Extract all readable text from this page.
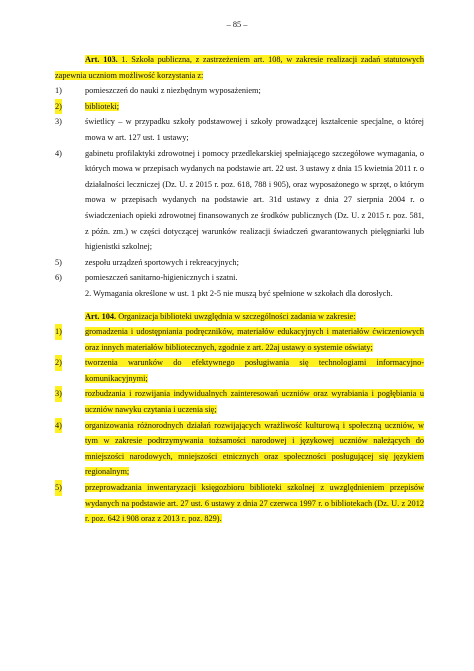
– 85 –

Art. 103. 1. Szkoła publiczna, z zastrzeżeniem art. 108, w zakresie realizacji zadań statutowych zapewnia uczniom możliwość korzystania z:

1)	pomieszczeń do nauki z niezbędnym wyposażeniem;
2)	biblioteki;
3)	świetlicy – w przypadku szkoły podstawowej i szkoły prowadzącej kształcenie specjalne, o której mowa w art. 127 ust. 1 ustawy;
4)	gabinetu profilaktyki zdrowotnej i pomocy przedlekarskiej spełniającego szczegółowe wymagania, o których mowa w przepisach wydanych na podstawie art. 22 ust. 3 ustawy z dnia 15 kwietnia 2011 r. o działalności leczniczej (Dz. U. z 2015 r. poz. 618, 788 i 905), oraz wyposażonego w sprzęt, o którym mowa w przepisach wydanych na podstawie art. 31d ustawy z dnia 27 sierpnia 2004 r. o świadczeniach opieki zdrowotnej finansowanych ze środków publicznych (Dz. U. z 2015 r. poz. 581, z późn. zm.) w części dotyczącej warunków realizacji świadczeń gwarantowanych pielęgniarki lub higienistki szkolnej;
5)	zespołu urządzeń sportowych i rekreacyjnych;
6)	pomieszczeń sanitarno-higienicznych i szatni.

2. Wymagania określone w ust. 1 pkt 2-5 nie muszą być spełnione w szkołach dla dorosłych.

Art. 104. Organizacja biblioteki uwzględnia w szczególności zadania w zakresie:

1)	gromadzenia i udostępniania podręczników, materiałów edukacyjnych i materiałów ćwiczeniowych oraz innych materiałów bibliotecznych, zgodnie z art. 22aj ustawy o systemie oświaty;
2)	tworzenia warunków do efektywnego posługiwania się technologiami informacyjno-komunikacyjnymi;
3)	rozbudzania i rozwijania indywidualnych zainteresowań uczniów oraz wyrabiania i pogłębiania u uczniów nawyku czytania i uczenia się;
4)	organizowania różnorodnych działań rozwijających wrażliwość kulturową i społeczną uczniów, w tym w zakresie podtrzymywania tożsamości narodowej i językowej uczniów należących do mniejszości narodowych, mniejszości etnicznych oraz społeczności posługującej się językiem regionalnym;
5)	przeprowadzania inwentaryzacji księgozbioru biblioteki szkolnej z uwzględnieniem przepisów wydanych na podstawie art. 27 ust. 6 ustawy z dnia 27 czerwca 1997 r. o bibliotekach (Dz. U. z 2012 r. poz. 642 i 908 oraz z 2013 r. poz. 829).
